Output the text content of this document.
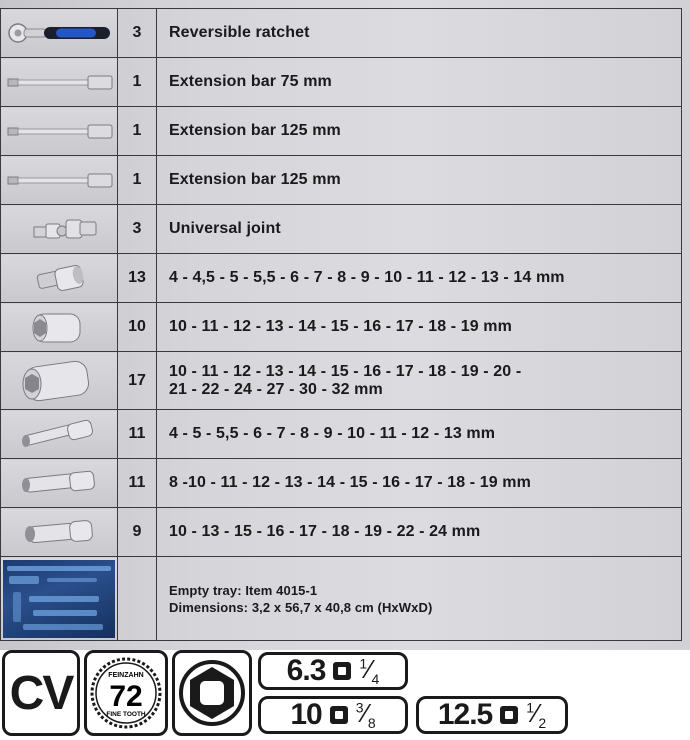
	3	Reversible ratchet

	1	Extension bar 75 mm

	1	Extension bar 125 mm

	1	Extension bar 125 mm

	3	Universal joint

	13	4 - 4,5 - 5 - 5,5 - 6 - 7 - 8 - 9 - 10 - 11 - 12 - 13 - 14 mm

	10	10 - 11 - 12 - 13 - 14 - 15 - 16 - 17 - 18 - 19 mm

	17	10 - 11 - 12 - 13 - 14 - 15 - 16 - 17 - 18 - 19 - 20 -
21 - 22 - 24 - 27 - 30 - 32 mm

	11	4 - 5 - 5,5 - 6 - 7 - 8 - 9 - 10 - 11 - 12 - 13 mm

	11	8 -10 - 11 - 12 - 13 - 14 - 15 - 16 - 17 - 18 - 19 mm

	9	10 - 13 - 15 - 16 - 17 - 18 - 19 - 22 - 24 mm

		Empty tray: Item 4015-1
Dimensions: 3,2 x 56,7 x 40,8 cm (HxWxD)
CV	FEINZAHN
72
FINE TOOTH
6.3 $^1⁄_4$
10 $^3⁄_8$ 12.5 $^1⁄_2$
